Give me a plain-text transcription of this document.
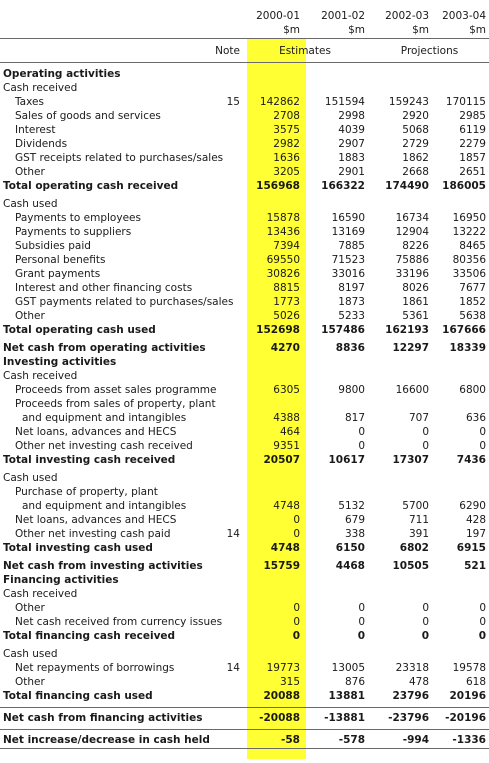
2000-01	2001-02	2002-03	2003-04
$m	$m	$m	$m
Note	Estimates	Projections
Operating activities
Cash received
Taxes	15	142862	151594	159243	170115
Sales of goods and services	2708	2998	2920	2985
Interest	3575	4039	5068	6119
Dividends	2982	2907	2729	2279
GST receipts related to purchases/sales	1636	1883	1862	1857
Other	3205	2901	2668	2651
Total operating cash received	156968	166322	174490	186005
Cash used
Payments to employees	15878	16590	16734	16950
Payments to suppliers	13436	13169	12904	13222
Subsidies paid	7394	7885	8226	8465
Personal benefits	69550	71523	75886	80356
Grant payments	30826	33016	33196	33506
Interest and other financing costs	8815	8197	8026	7677
GST payments related to purchases/sales	1773	1873	1861	1852
Other	5026	5233	5361	5638
Total operating cash used	152698	157486	162193	167666
Net cash from operating activities	4270	8836	12297	18339
Investing activities
Cash received
Proceeds from asset sales programme	6305	9800	16600	6800
Proceeds from sales of property, plant
and equipment and intangibles	4388	817	707	636
Net loans, advances and HECS	464	0	0	0
Other net investing cash received	9351	0	0	0
Total investing cash received	20507	10617	17307	7436
Cash used
Purchase of property, plant
and equipment and intangibles	4748	5132	5700	6290
Net loans, advances and HECS	0	679	711	428
Other net investing cash paid	14	0	338	391	197
Total investing cash used	4748	6150	6802	6915
Net cash from investing activities	15759	4468	10505	521
Financing activities
Cash received
Other	0	0	0	0
Net cash received from currency issues	0	0	0	0
Total financing cash received	0	0	0	0
Cash used
Net repayments of borrowings	14	19773	13005	23318	19578
Other	315	876	478	618
Total financing cash used	20088	13881	23796	20196
Net cash from financing activities	-20088	-13881	-23796	-20196
Net increase/decrease in cash held	-58	-578	-994	-1336
